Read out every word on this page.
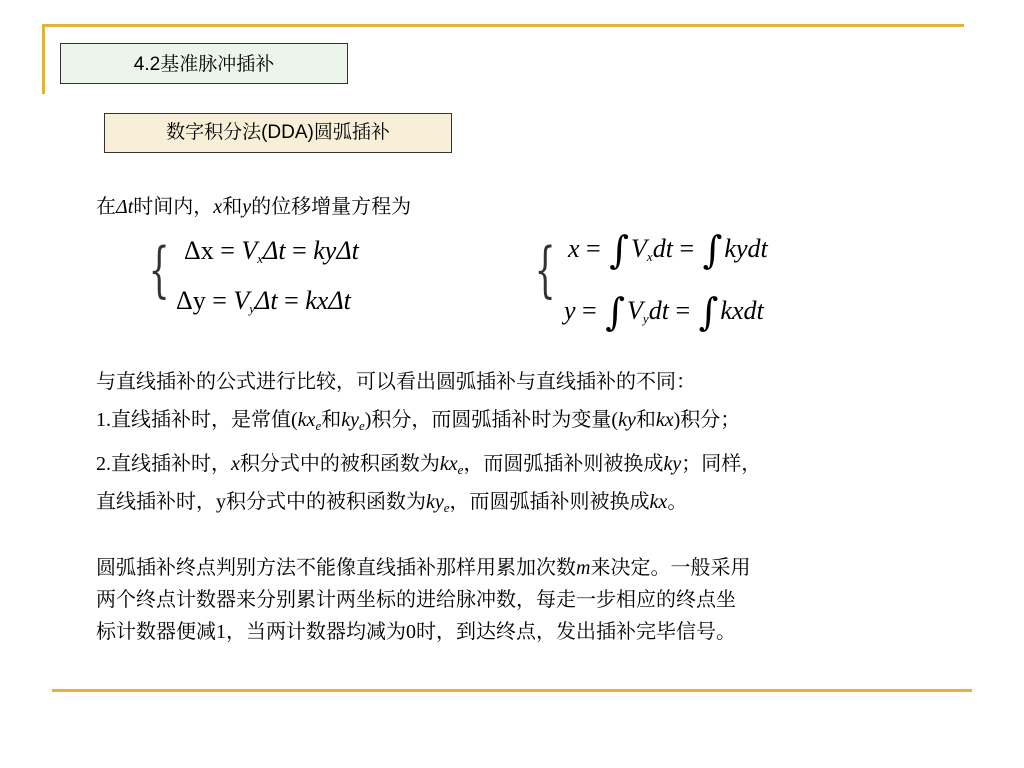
4.2基准脉冲插补
数字积分法(DDA)圆弧插补
在Δt时间内，x和y的位移增量方程为
{ $\Delta x = V_x\Delta t = ky\Delta t$
$\Delta y = V_y\Delta t = kx\Delta t$	{ $x = \int V_xdt$ = ∫kydt
$y = \int V_ydt$ = ∫kxdt

与直线插补的公式进行比较，可以看出圆弧插补与直线插补的不同：

1.直线插补时，是常值($kx_e$和$ky_e$)积分，而圆弧插补时为变量(ky和kx)积分；

2.直线插补时，x积分式中的被积函数为$kx_e$，而圆弧插补则被换成ky；同样，

直线插补时，y积分式中的被积函数为$ky_e$，而圆弧插补则被换成kx。

圆弧插补终点判别方法不能像直线插补那样用累加次数m来决定。一般采用

两个终点计数器来分别累计两坐标的进给脉冲数，每走一步相应的终点坐

标计数器便减1，当两计数器均减为0时，到达终点，发出插补完毕信号。
